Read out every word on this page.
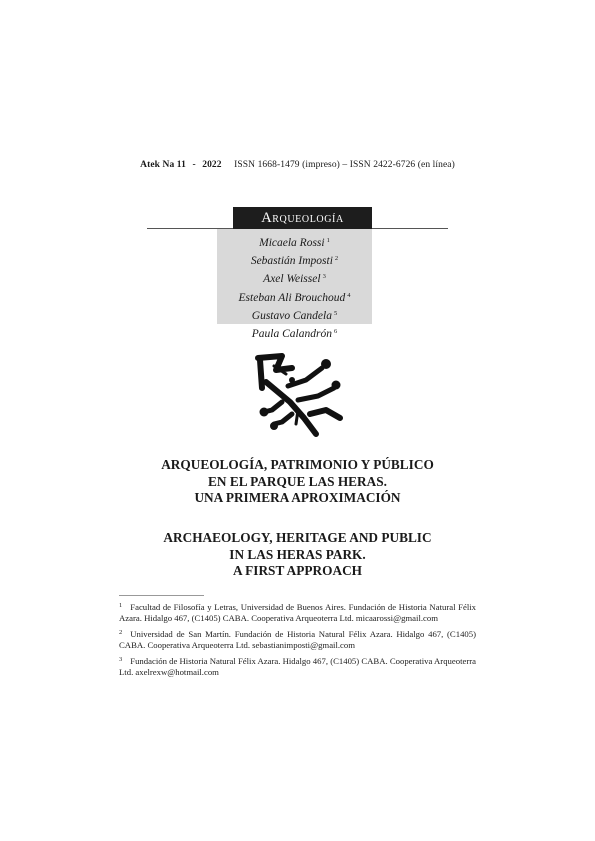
Atek Na 11 - 2022 ISSN 1668-1479 (impreso) – ISSN 2422-6726 (en línea)
Arqueología
Micaela Rossi $^1$
Sebastián Imposti $^2$
Axel Weissel $^3$
Esteban Ali Brouchoud $^4$
Gustavo Candela $^5$
Paula Calandrón $^6$
ARQUEOLOGÍA, PATRIMONIO Y PÚBLICO
EN EL PARQUE LAS HERAS.
UNA PRIMERA APROXIMACIÓN
ARCHAEOLOGY, HERITAGE AND PUBLIC
IN LAS HERAS PARK.
A FIRST APPROACH
$^1$ Facultad de Filosofía y Letras, Universidad de Buenos Aires. Fundación de Historia Natural Félix Azara. Hidalgo 467, (C1405) CABA. Cooperativa Arqueoterra Ltd. micaarossi@gmail.com
$^2$ Universidad de San Martín. Fundación de Historia Natural Félix Azara. Hidalgo 467, (C1405) CABA. Cooperativa Arqueoterra Ltd. sebastianimposti@gmail.com
$^3$ Fundación de Historia Natural Félix Azara. Hidalgo 467, (C1405) CABA. Cooperativa Arqueoterra Ltd. axelrexw@hotmail.com
